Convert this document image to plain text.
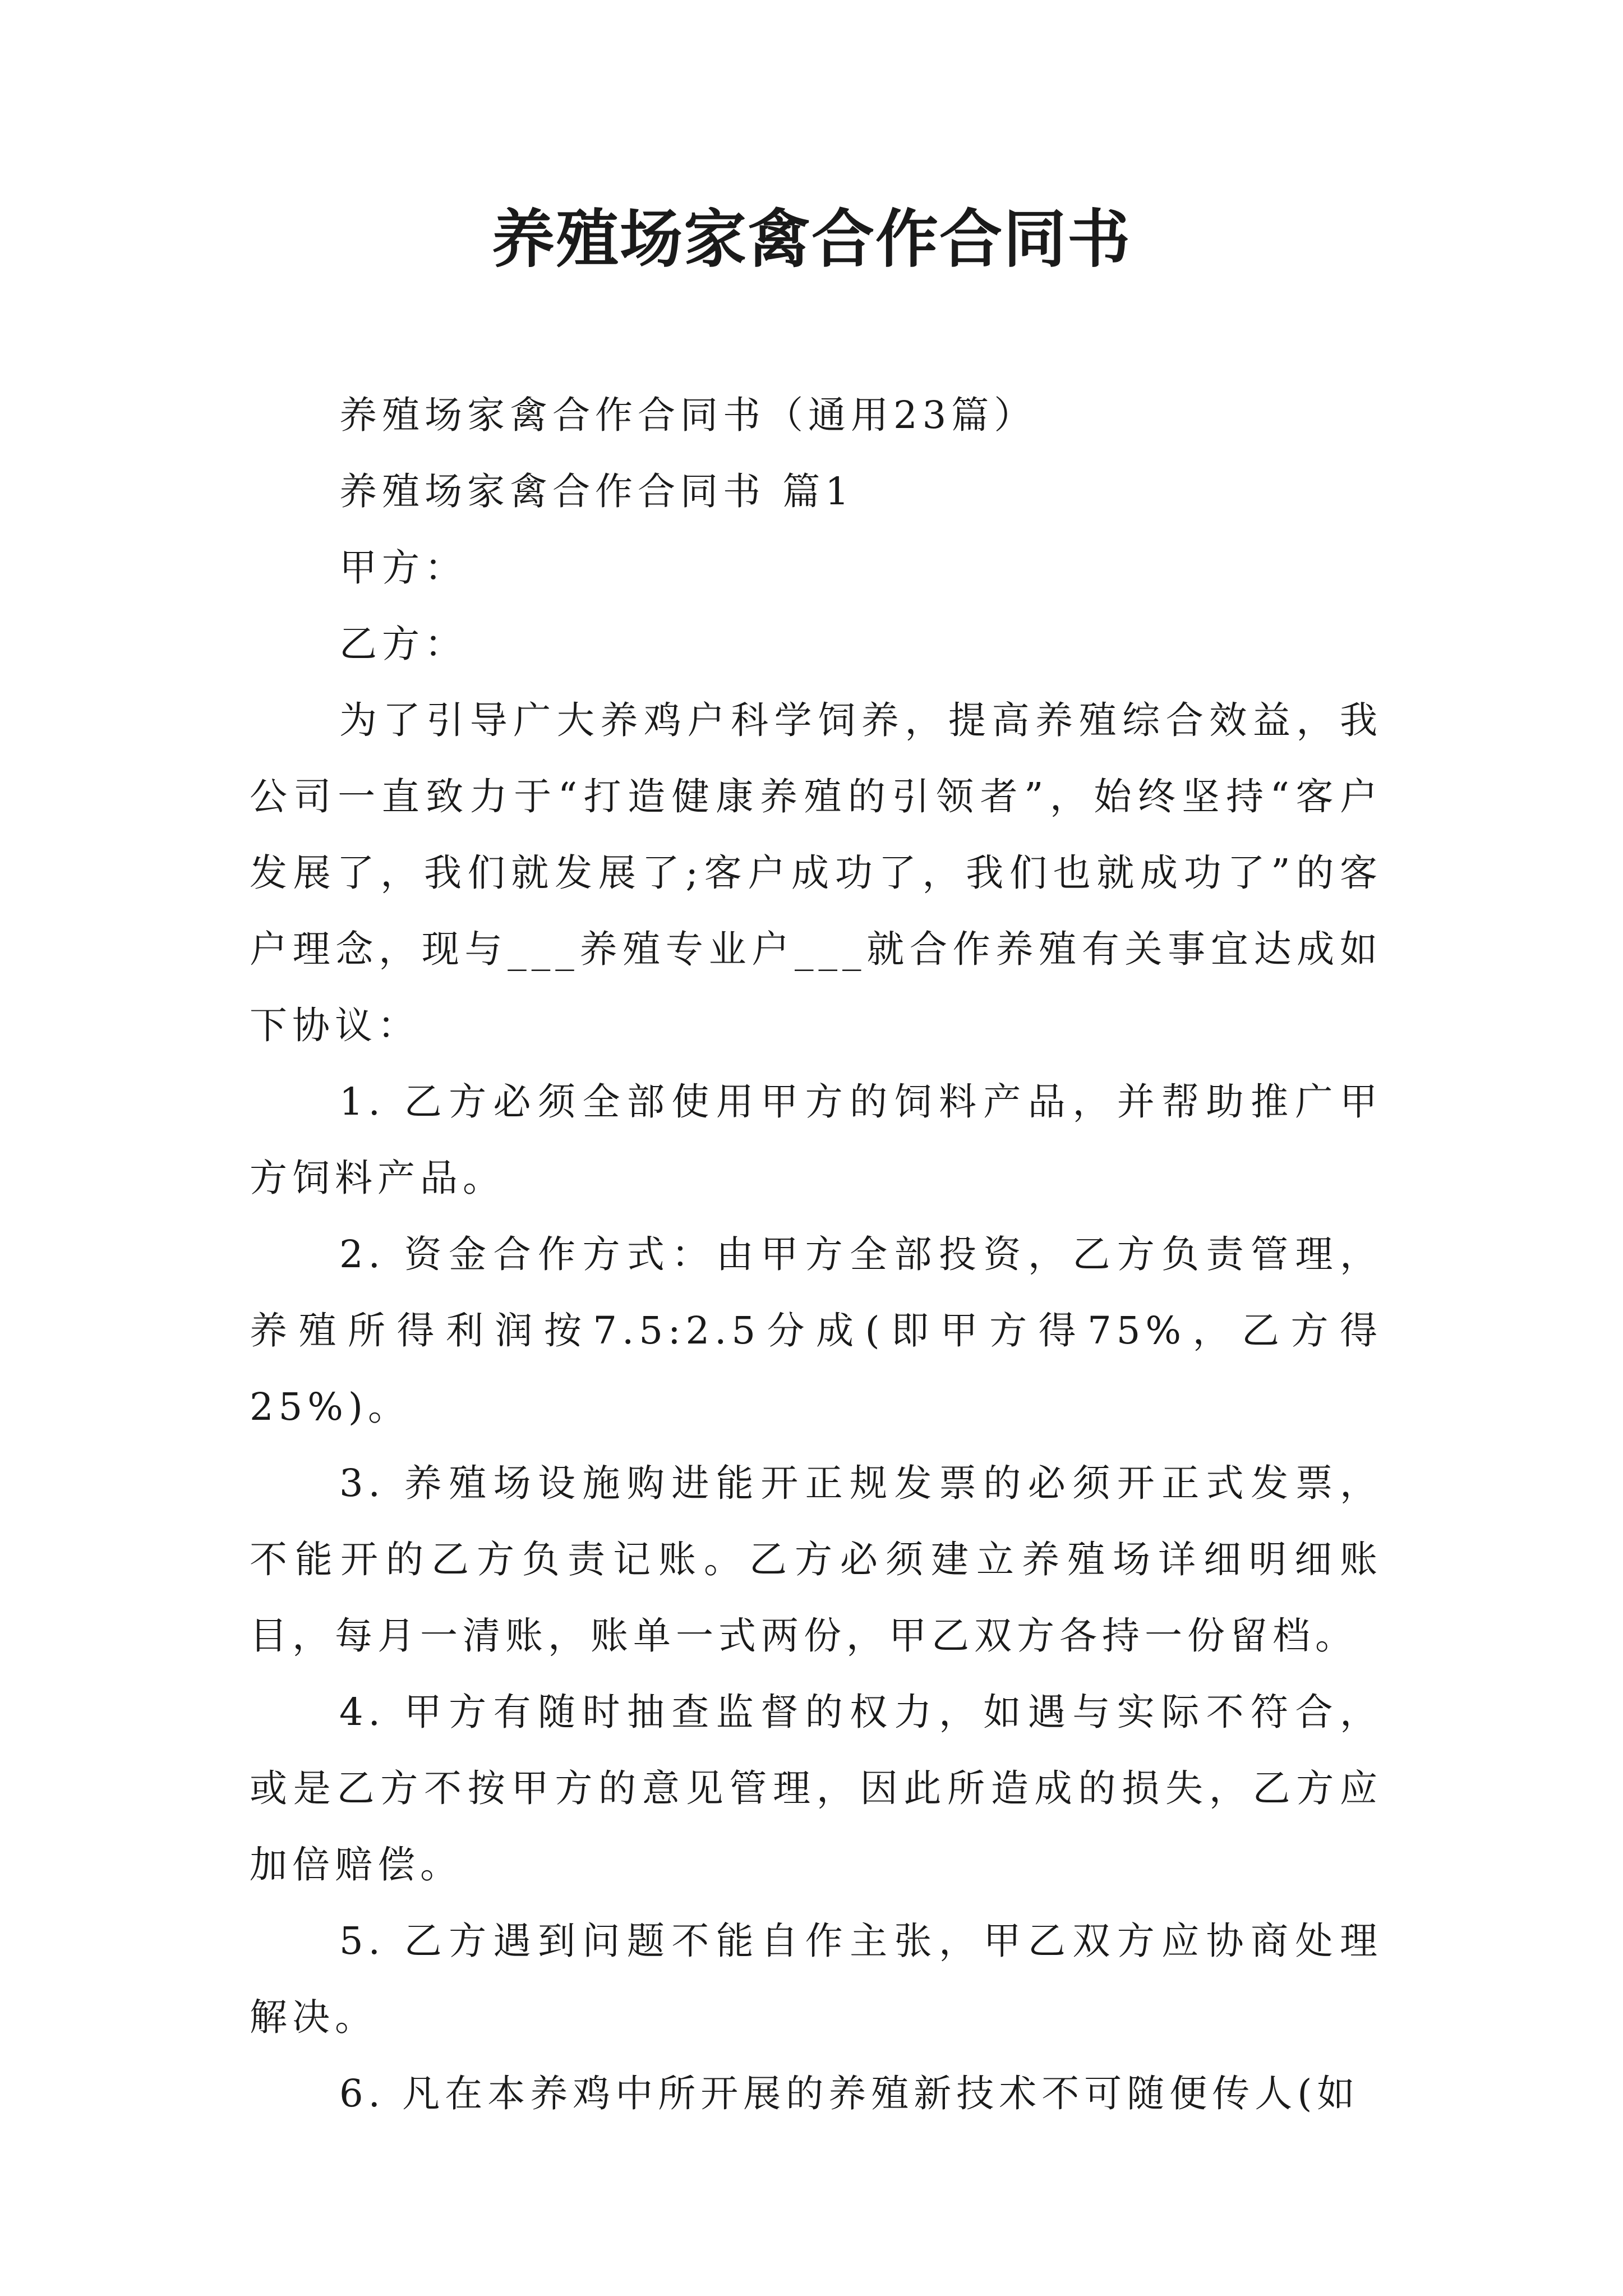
养殖场家禽合作合同书

养殖场家禽合作合同书（通用23篇）

养殖场家禽合作合同书 篇1

甲方：

乙方：

为了引导广大养鸡户科学饲养，提高养殖综合效益，我公司一直致力于“打造健康养殖的引领者”，始终坚持“客户发展了，我们就发展了;客户成功了，我们也就成功了”的客户理念，现与___养殖专业户___就合作养殖有关事宜达成如下协议：

1. 乙方必须全部使用甲方的饲料产品，并帮助推广甲方饲料产品。

2. 资金合作方式：由甲方全部投资，乙方负责管理，养殖所得利润按7.5:2.5分成(即甲方得75%，乙方得25%)。

3. 养殖场设施购进能开正规发票的必须开正式发票，不能开的乙方负责记账。乙方必须建立养殖场详细明细账目，每月一清账，账单一式两份，甲乙双方各持一份留档。

4. 甲方有随时抽查监督的权力，如遇与实际不符合，或是乙方不按甲方的意见管理，因此所造成的损失，乙方应加倍赔偿。

5. 乙方遇到问题不能自作主张，甲乙双方应协商处理解决。

6. 凡在本养鸡中所开展的养殖新技术不可随便传人(如
